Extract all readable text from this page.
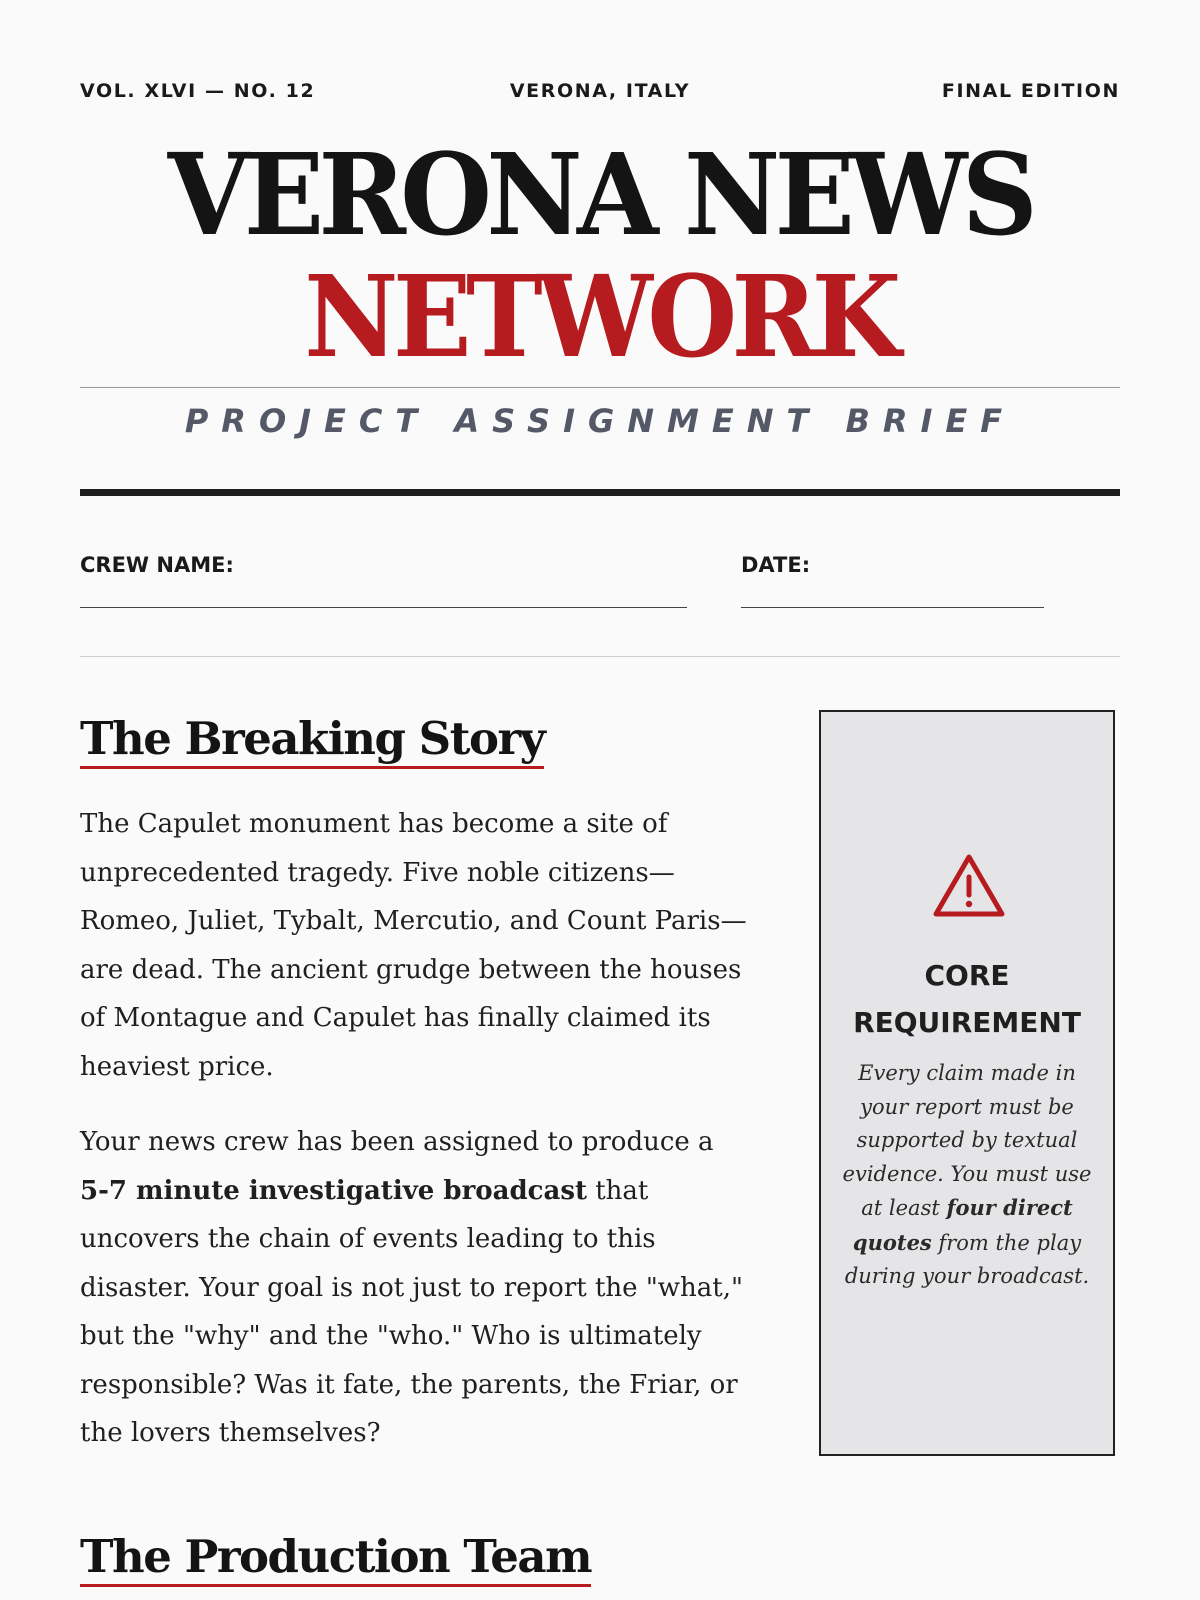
VOL. XLVI — NO. 12	VERONA, ITALY	FINAL EDITION
VERONA NEWS
NETWORK
PROJECT ASSIGNMENT BRIEF
CREW NAME:	DATE:
The Breaking Story

The Capulet monument has become a site of unprecedented tragedy. Five noble citizens—Romeo, Juliet, Tybalt, Mercutio, and Count Paris—are dead. The ancient grudge between the houses of Montague and Capulet has finally claimed its heaviest price.

Your news crew has been assigned to produce a 5-7 minute investigative broadcast that uncovers the chain of events leading to this disaster. Your goal is not just to report the "what," but the "why" and the "who." Who is ultimately responsible? Was it fate, the parents, the Friar, or the lovers themselves?

CORE REQUIREMENT
Every claim made in your report must be supported by textual evidence. You must use at least four direct quotes from the play during your broadcast.
The Production Team
